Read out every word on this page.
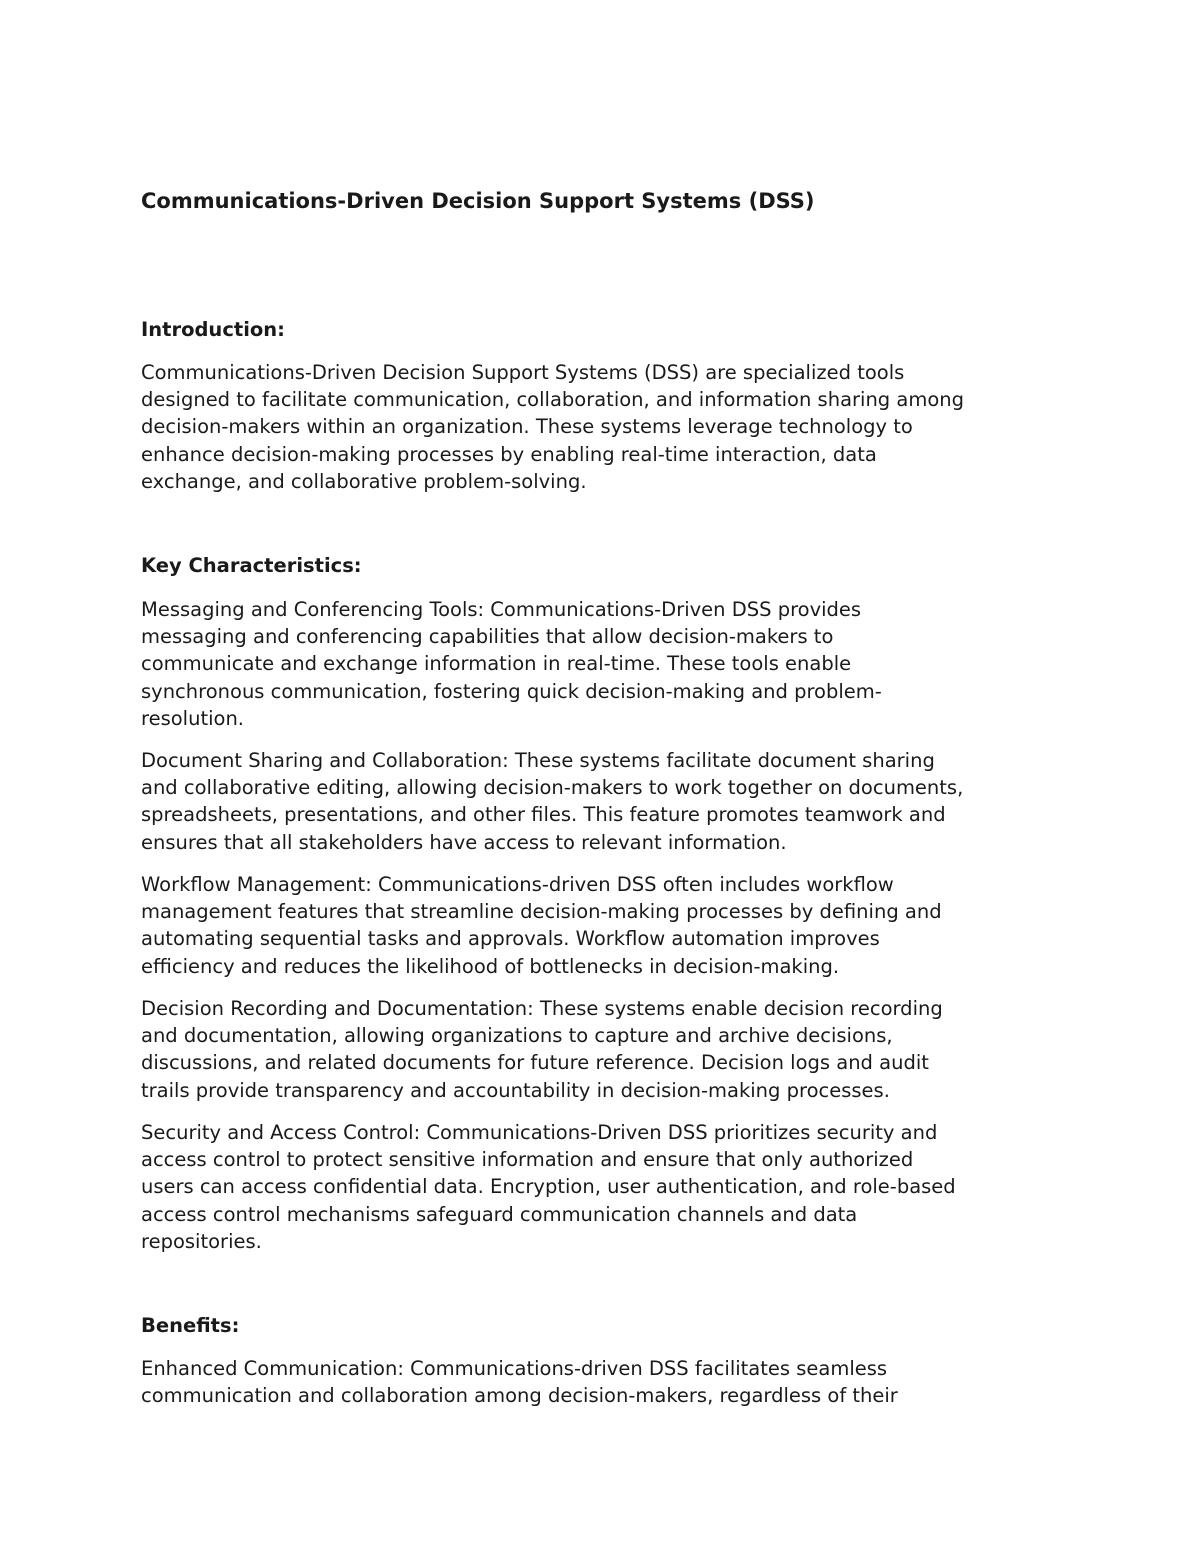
Communications-Driven Decision Support Systems (DSS)
Introduction:

Communications-Driven Decision Support Systems (DSS) are specialized tools
designed to facilitate communication, collaboration, and information sharing among
decision-makers within an organization. These systems leverage technology to
enhance decision-making processes by enabling real-time interaction, data
exchange, and collaborative problem-solving.

Key Characteristics:

Messaging and Conferencing Tools: Communications-Driven DSS provides
messaging and conferencing capabilities that allow decision-makers to
communicate and exchange information in real-time. These tools enable
synchronous communication, fostering quick decision-making and problem-
resolution.

Document Sharing and Collaboration: These systems facilitate document sharing
and collaborative editing, allowing decision-makers to work together on documents,
spreadsheets, presentations, and other files. This feature promotes teamwork and
ensures that all stakeholders have access to relevant information.

Workflow Management: Communications-driven DSS often includes workflow
management features that streamline decision-making processes by defining and
automating sequential tasks and approvals. Workflow automation improves
efficiency and reduces the likelihood of bottlenecks in decision-making.

Decision Recording and Documentation: These systems enable decision recording
and documentation, allowing organizations to capture and archive decisions,
discussions, and related documents for future reference. Decision logs and audit
trails provide transparency and accountability in decision-making processes.

Security and Access Control: Communications-Driven DSS prioritizes security and
access control to protect sensitive information and ensure that only authorized
users can access confidential data. Encryption, user authentication, and role-based
access control mechanisms safeguard communication channels and data
repositories.

Benefits:

Enhanced Communication: Communications-driven DSS facilitates seamless
communication and collaboration among decision-makers, regardless of their
